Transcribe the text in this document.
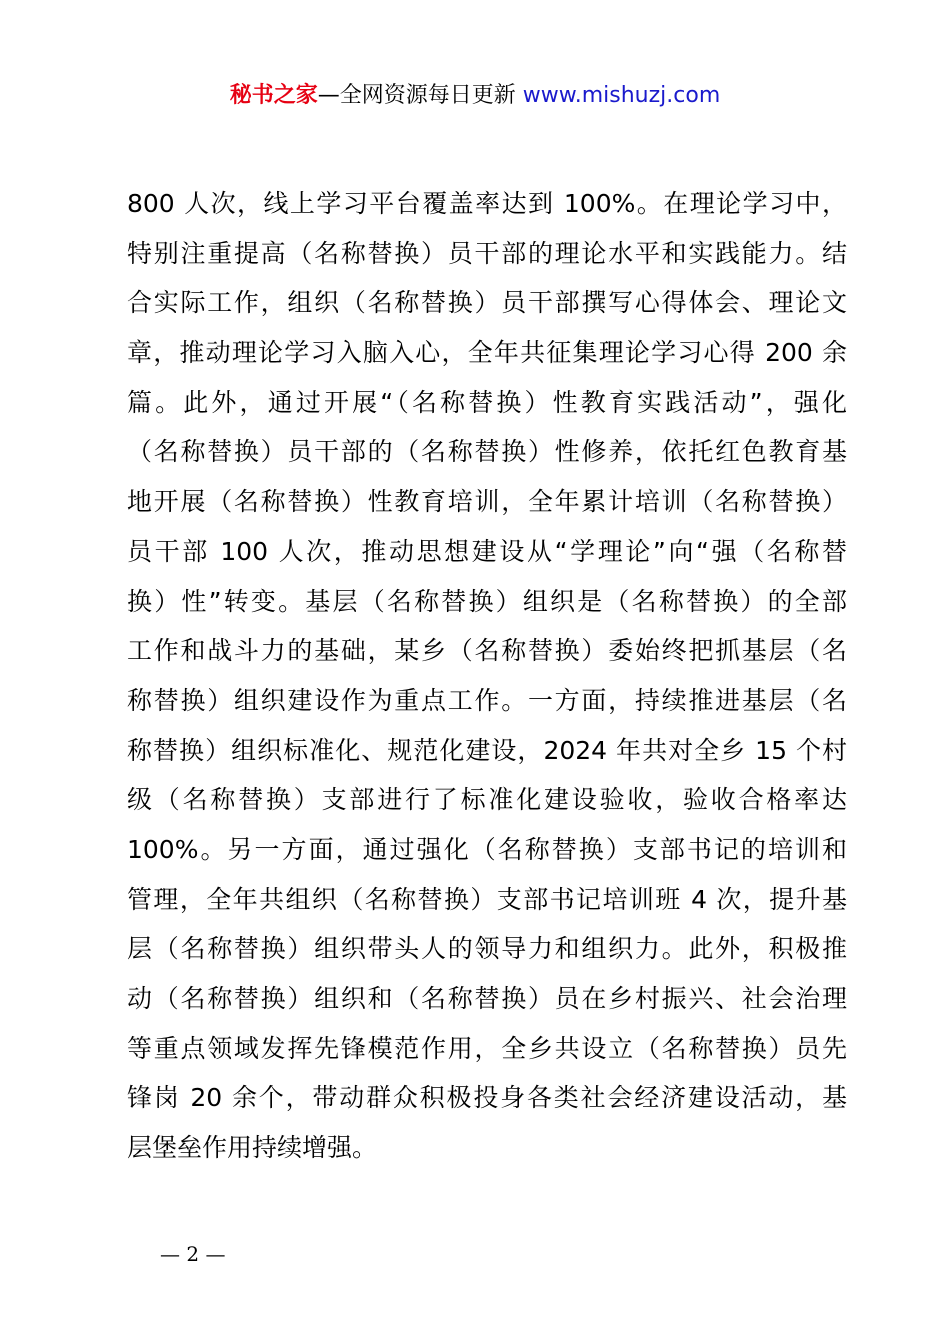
秘书之家—全网资源每日更新 www.mishuzj.com
800 人次，线上学习平台覆盖率达到 100%。在理论学习中，
特别注重提高（名称替换）员干部的理论水平和实践能力。结
合实际工作，组织（名称替换）员干部撰写心得体会、理论文
章，推动理论学习入脑入心，全年共征集理论学习心得 200 余
篇。此外，通过开展“（名称替换）性教育实践活动”，强化
（名称替换）员干部的（名称替换）性修养，依托红色教育基
地开展（名称替换）性教育培训，全年累计培训（名称替换）
员干部 100 人次，推动思想建设从“学理论”向“强（名称替
换）性”转变。基层（名称替换）组织是（名称替换）的全部
工作和战斗力的基础，某乡（名称替换）委始终把抓基层（名
称替换）组织建设作为重点工作。一方面，持续推进基层（名
称替换）组织标准化、规范化建设，2024 年共对全乡 15 个村
级（名称替换）支部进行了标准化建设验收，验收合格率达
100%。另一方面，通过强化（名称替换）支部书记的培训和
管理，全年共组织（名称替换）支部书记培训班 4 次，提升基
层（名称替换）组织带头人的领导力和组织力。此外，积极推
动（名称替换）组织和（名称替换）员在乡村振兴、社会治理
等重点领域发挥先锋模范作用，全乡共设立（名称替换）员先
锋岗 20 余个，带动群众积极投身各类社会经济建设活动，基
层堡垒作用持续增强。
— 2 —
